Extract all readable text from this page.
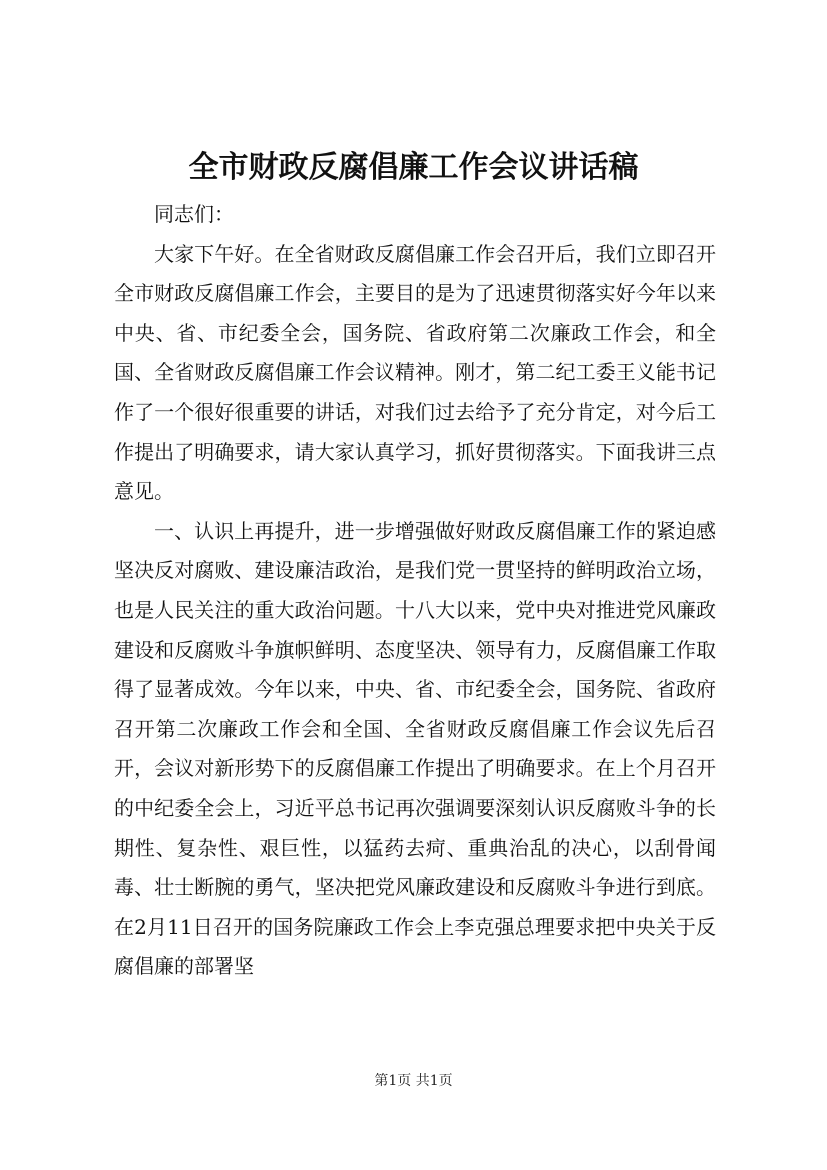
全市财政反腐倡廉工作会议讲话稿

同志们：

大家下午好。在全省财政反腐倡廉工作会召开后，我们立即召开全市财政反腐倡廉工作会，主要目的是为了迅速贯彻落实好今年以来中央、省、市纪委全会，国务院、省政府第二次廉政工作会，和全国、全省财政反腐倡廉工作会议精神。刚才，第二纪工委王义能书记作了一个很好很重要的讲话，对我们过去给予了充分肯定，对今后工作提出了明确要求，请大家认真学习，抓好贯彻落实。下面我讲三点意见。

一、认识上再提升，进一步增强做好财政反腐倡廉工作的紧迫感坚决反对腐败、建设廉洁政治，是我们党一贯坚持的鲜明政治立场，也是人民关注的重大政治问题。十八大以来，党中央对推进党风廉政建设和反腐败斗争旗帜鲜明、态度坚决、领导有力，反腐倡廉工作取得了显著成效。今年以来，中央、省、市纪委全会，国务院、省政府召开第二次廉政工作会和全国、全省财政反腐倡廉工作会议先后召开，会议对新形势下的反腐倡廉工作提出了明确要求。在上个月召开的中纪委全会上，习近平总书记再次强调要深刻认识反腐败斗争的长期性、复杂性、艰巨性，以猛药去疴、重典治乱的决心，以刮骨闻毒、壮士断腕的勇气，坚决把党风廉政建设和反腐败斗争进行到底。在2月11日召开的国务院廉政工作会上李克强总理要求把中央关于反腐倡廉的部署坚

第1页 共1页
